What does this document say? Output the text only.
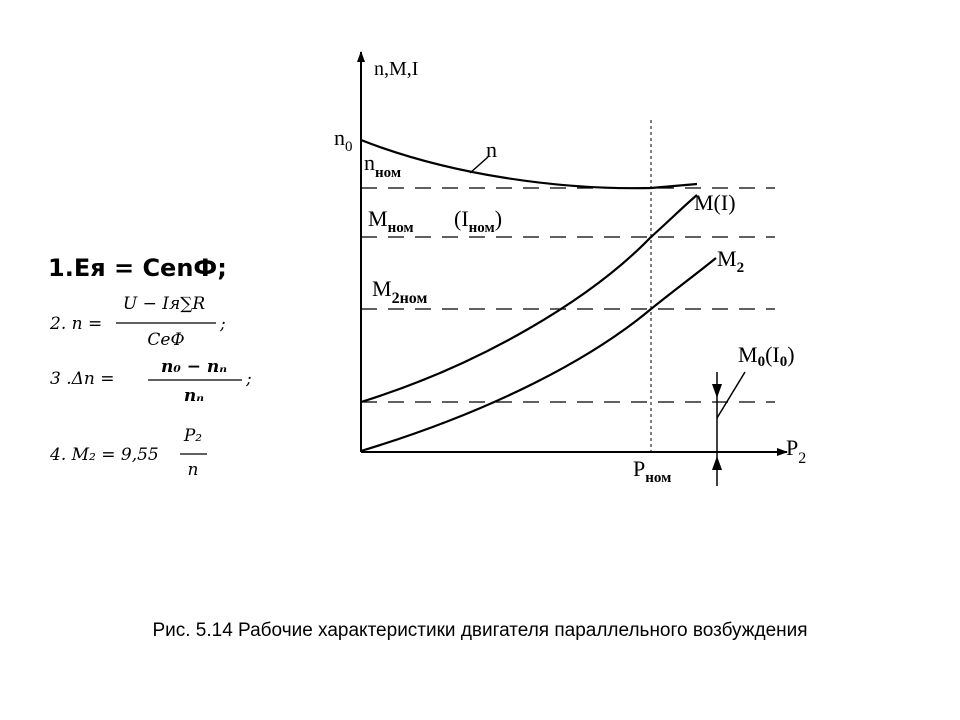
n,M,I
$P_2$
$n_0$
$n_{ном}$
n
$M_{ном}$ $(I_{ном})$
$M_{2ном}$
M(I)
$M_2$
M0(I0)
$P_{ном}$
1.Ея = СеnФ;
2. n =
U − Iя∑R
СеФ
;
3 .Δn =
n₀ − nₙ
nₙ
;
4. M₂ = 9,55
P₂
n
Рис. 5.14 Рабочие характеристики двигателя параллельного возбуждения
